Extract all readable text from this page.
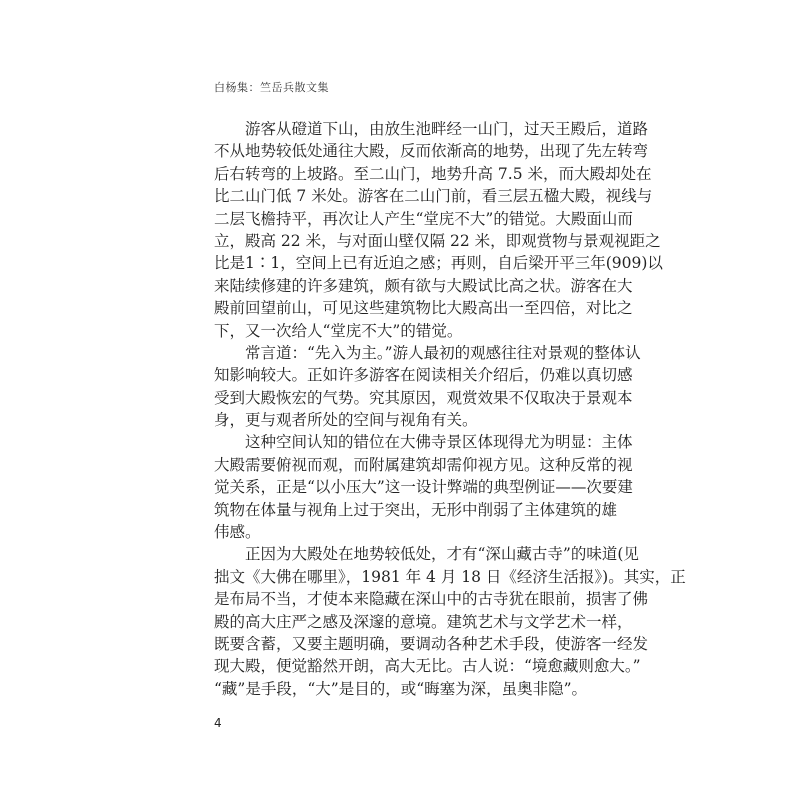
白杨集：竺岳兵散文集
游客从磴道下山，由放生池畔经一山门，过天王殿后，道路
不从地势较低处通往大殿，反而依渐高的地势，出现了先左转弯
后右转弯的上坡路。至二山门，地势升高 7.5 米，而大殿却处在
比二山门低 7 米处。游客在二山门前，看三层五楹大殿，视线与
二层飞檐持平，再次让人产生“堂庑不大”的错觉。大殿面山而
立，殿高 22 米，与对面山壁仅隔 22 米，即观赏物与景观视距之
比是1∶1，空间上已有近迫之感；再则，自后梁开平三年(909)以
来陆续修建的许多建筑，颇有欲与大殿试比高之状。游客在大
殿前回望前山，可见这些建筑物比大殿高出一至四倍，对比之
下，又一次给人“堂庑不大”的错觉。
常言道：“先入为主。”游人最初的观感往往对景观的整体认
知影响较大。正如许多游客在阅读相关介绍后，仍难以真切感
受到大殿恢宏的气势。究其原因，观赏效果不仅取决于景观本
身，更与观者所处的空间与视角有关。
这种空间认知的错位在大佛寺景区体现得尤为明显：主体
大殿需要俯视而观，而附属建筑却需仰视方见。这种反常的视
觉关系，正是“以小压大”这一设计弊端的典型例证——次要建
筑物在体量与视角上过于突出，无形中削弱了主体建筑的雄
伟感。
正因为大殿处在地势较低处，才有“深山藏古寺”的味道(见
拙文《大佛在哪里》，1981 年 4 月 18 日《经济生活报》)。其实，正
是布局不当，才使本来隐藏在深山中的古寺犹在眼前，损害了佛
殿的高大庄严之感及深邃的意境。建筑艺术与文学艺术一样，
既要含蓄，又要主题明确，要调动各种艺术手段，使游客一经发
现大殿，便觉豁然开朗，高大无比。古人说：“境愈藏则愈大。”
“藏”是手段，“大”是目的，或“晦塞为深，虽奥非隐”。
4
